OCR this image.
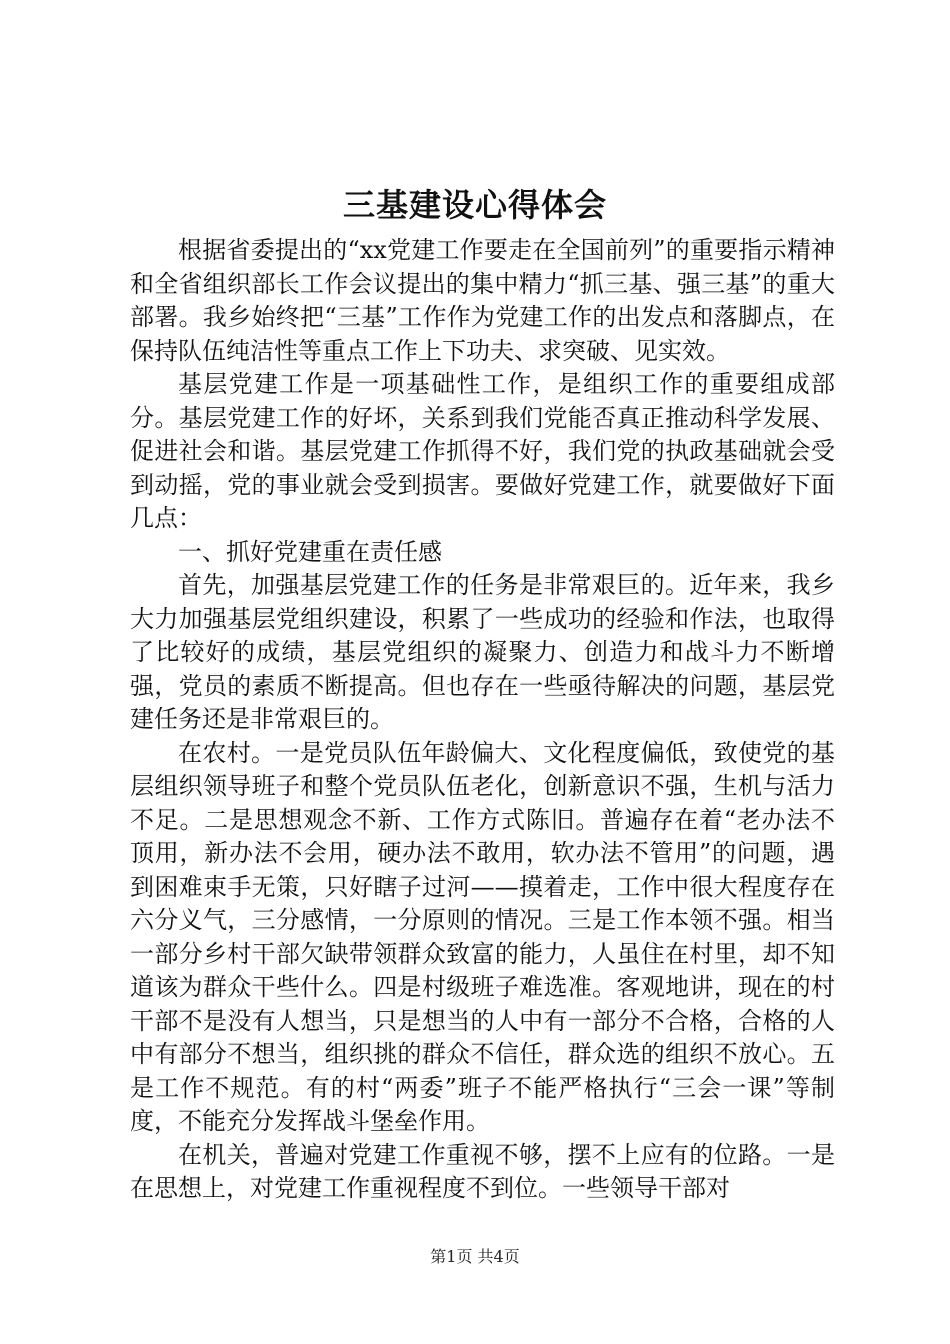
三基建设心得体会

根据省委提出的“xx党建工作要走在全国前列”的重要指示精神和全省组织部长工作会议提出的集中精力“抓三基、强三基”的重大部署。我乡始终把“三基”工作作为党建工作的出发点和落脚点，在保持队伍纯洁性等重点工作上下功夫、求突破、见实效。

基层党建工作是一项基础性工作，是组织工作的重要组成部分。基层党建工作的好坏，关系到我们党能否真正推动科学发展、促进社会和谐。基层党建工作抓得不好，我们党的执政基础就会受到动摇，党的事业就会受到损害。要做好党建工作，就要做好下面几点：

一、抓好党建重在责任感

首先，加强基层党建工作的任务是非常艰巨的。近年来，我乡大力加强基层党组织建设，积累了一些成功的经验和作法，也取得了比较好的成绩，基层党组织的凝聚力、创造力和战斗力不断增强，党员的素质不断提高。但也存在一些亟待解决的问题，基层党建任务还是非常艰巨的。

在农村。一是党员队伍年龄偏大、文化程度偏低，致使党的基层组织领导班子和整个党员队伍老化，创新意识不强，生机与活力不足。二是思想观念不新、工作方式陈旧。普遍存在着“老办法不顶用，新办法不会用，硬办法不敢用，软办法不管用”的问题，遇到困难束手无策，只好瞎子过河——摸着走，工作中很大程度存在六分义气，三分感情，一分原则的情况。三是工作本领不强。相当一部分乡村干部欠缺带领群众致富的能力，人虽住在村里，却不知道该为群众干些什么。四是村级班子难选准。客观地讲，现在的村干部不是没有人想当，只是想当的人中有一部分不合格，合格的人中有部分不想当，组织挑的群众不信任，群众选的组织不放心。五是工作不规范。有的村“两委”班子不能严格执行“三会一课”等制度，不能充分发挥战斗堡垒作用。

在机关，普遍对党建工作重视不够，摆不上应有的位路。一是在思想上，对党建工作重视程度不到位。一些领导干部对

第1页 共4页
